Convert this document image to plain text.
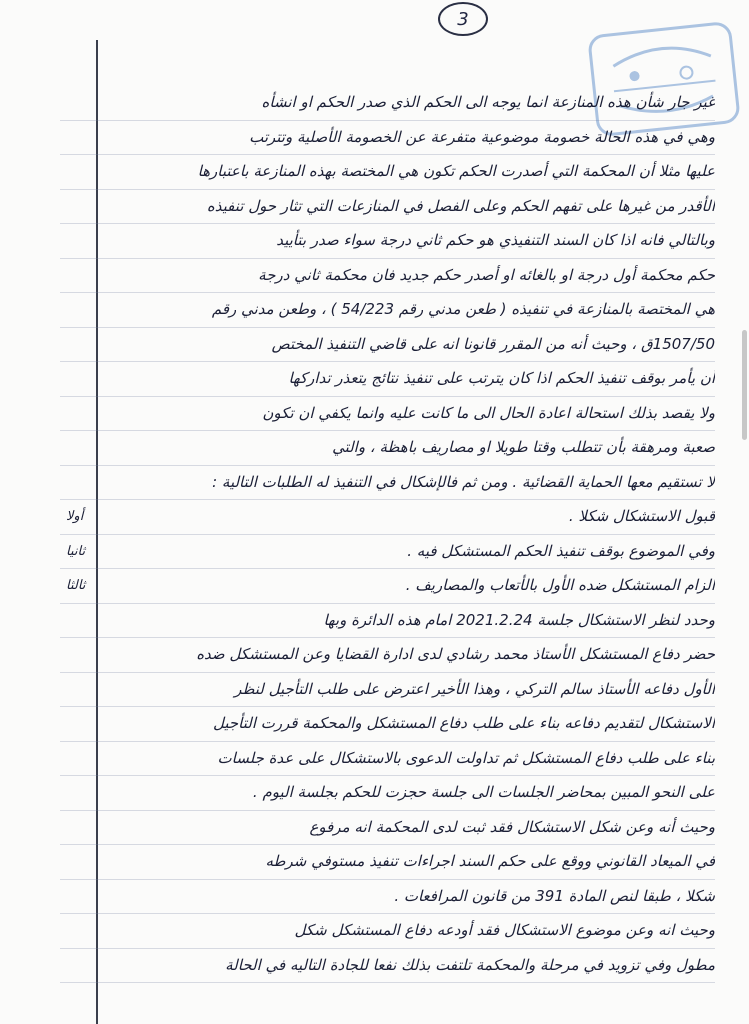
3
غير جار شأن هذه المنازعة انما يوجه الى الحكم الذي صدر الحكم او انشأه
وهي في هذه الحالة خصومة موضوعية متفرعة عن الخصومة الأصلية وتترتب
عليها مثلا أن المحكمة التي أصدرت الحكم تكون هي المختصة بهذه المنازعة باعتبارها
الأقدر من غيرها على تفهم الحكم وعلى الفصل في المنازعات التي تثار حول تنفيذه
وبالتالي فانه اذا كان السند التنفيذي هو حكم ثاني درجة سواء صدر بتأييد
حكم محكمة أول درجة او بالغائه او أصدر حكم جديد فان محكمة ثاني درجة
هي المختصة بالمنازعة في تنفيذه ( طعن مدني رقم 54/223 ) ، وطعن مدني رقم
1507/50ق ، وحيث أنه من المقرر قانونا انه على قاضي التنفيذ المختص
أن يأمر بوقف تنفيذ الحكم اذا كان يترتب على تنفيذ نتائج يتعذر تداركها
ولا يقصد بذلك استحالة اعادة الحال الى ما كانت عليه وانما يكفي ان تكون
صعبة ومرهقة بأن تتطلب وقتا طويلا او مصاريف باهظة ، والتي
لا تستقيم معها الحماية القضائية . ومن ثم فالإشكال في التنفيذ له الطلبات التالية :
قبول الاستشكال شكلا .
أولا
وفي الموضوع بوقف تنفيذ الحكم المستشكل فيه .
ثانيا
الزام المستشكل ضده الأول بالأتعاب والمصاريف .
ثالثا
وحدد لنظر الاستشكال جلسة 2021.2.24 امام هذه الدائرة وبها
حضر دفاع المستشكل الأستاذ محمد رشادي لدى ادارة القضايا وعن المستشكل ضده
الأول دفاعه الأستاذ سالم التركي ، وهذا الأخير اعترض على طلب التأجيل لنظر
الاستشكال لتقديم دفاعه بناء على طلب دفاع المستشكل والمحكمة قررت التأجيل
بناء على طلب دفاع المستشكل ثم تداولت الدعوى بالاستشكال على عدة جلسات
على النحو المبين بمحاضر الجلسات الى جلسة حجزت للحكم بجلسة اليوم .
وحيث أنه وعن شكل الاستشكال فقد ثبت لدى المحكمة انه مرفوع
في الميعاد القانوني ووقع على حكم السند اجراءات تنفيذ مستوفي شرطه
شكلا ، طبقا لنص المادة 391 من قانون المرافعات .
وحيث انه وعن موضوع الاستشكال فقد أودعه دفاع المستشكل شكل
مطول وفي تزويد في مرحلة والمحكمة تلتفت بذلك نفعا للجادة التاليه في الحالة
